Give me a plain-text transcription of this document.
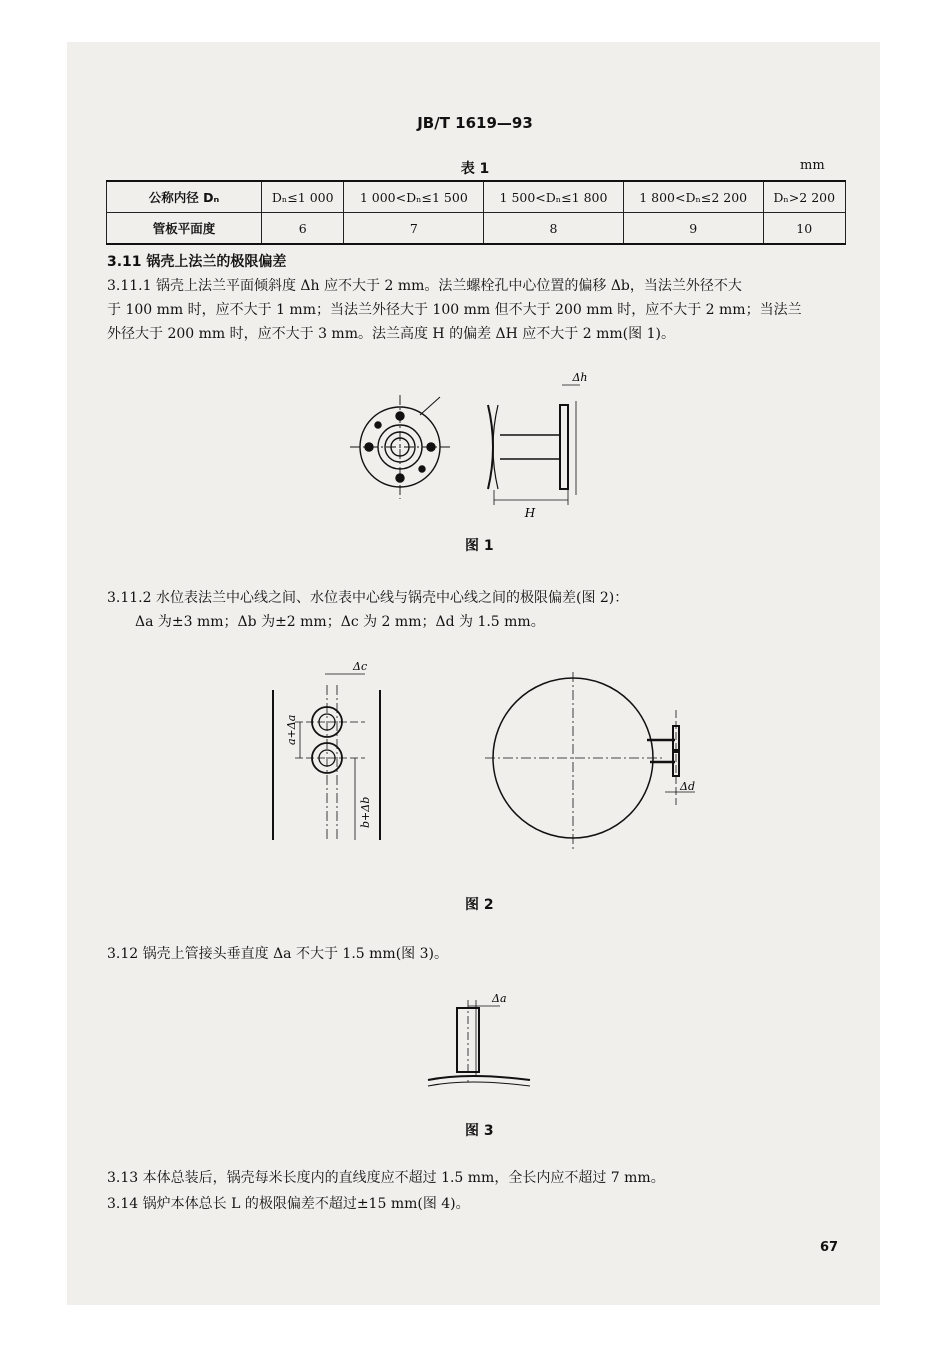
JB/T 1619—93
表 1	mm
公称内径 Dₙ	Dₙ≤1 000	1 000<Dₙ≤1 500	1 500<Dₙ≤1 800	1 800<Dₙ≤2 200	Dₙ>2 200
管板平面度	6	7	8	9	10
3.11 锅壳上法兰的极限偏差
3.11.1 锅壳上法兰平面倾斜度 Δh 应不大于 2 mm。法兰螺栓孔中心位置的偏移 Δb，当法兰外径不大
于 100 mm 时，应不大于 1 mm；当法兰外径大于 100 mm 但不大于 200 mm 时，应不大于 2 mm；当法兰
外径大于 200 mm 时，应不大于 3 mm。法兰高度 H 的偏差 ΔH 应不大于 2 mm(图 1)。
Δh
H
图 1
3.11.2 水位表法兰中心线之间、水位表中心线与锅壳中心线之间的极限偏差(图 2)：
Δa 为±3 mm；Δb 为±2 mm；Δc 为 2 mm；Δd 为 1.5 mm。
Δc
a+Δa
b+Δb
Δd
图 2
3.12 锅壳上管接头垂直度 Δa 不大于 1.5 mm(图 3)。
Δa
图 3
3.13 本体总装后，锅壳每米长度内的直线度应不超过 1.5 mm，全长内应不超过 7 mm。
3.14 锅炉本体总长 L 的极限偏差不超过±15 mm(图 4)。
67
